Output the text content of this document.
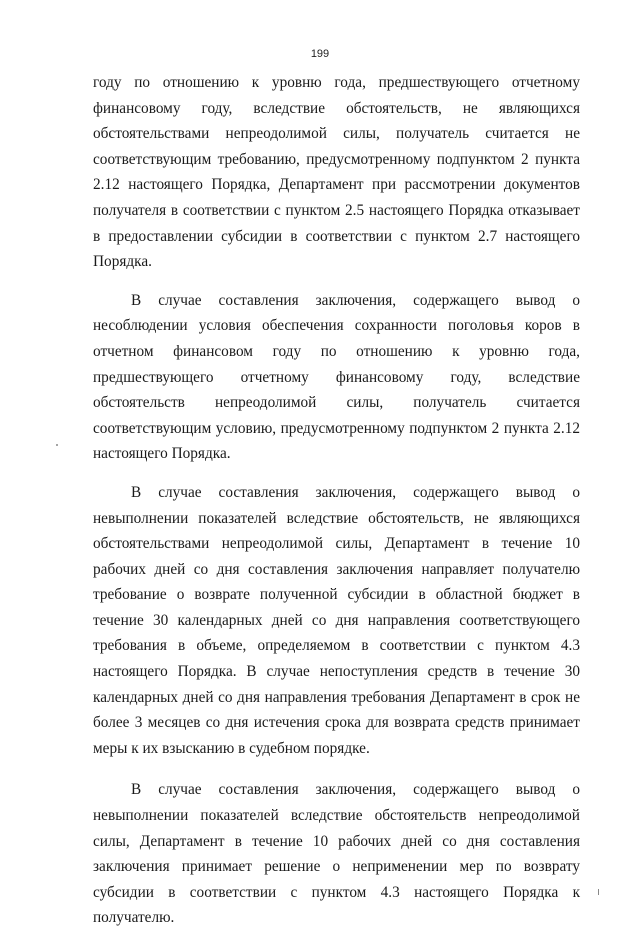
199

году по отношению к уровню года, предшествующего отчетному финансовому году, вследствие обстоятельств, не являющихся обстоятельствами непреодолимой силы, получатель считается не соответствующим требованию, предусмотренному подпунктом 2 пункта 2.12 настоящего Порядка, Департамент при рассмотрении документов получателя в соответствии с пунктом 2.5 настоящего Порядка отказывает в предоставлении субсидии в соответствии с пунктом 2.7 настоящего Порядка.

В случае составления заключения, содержащего вывод о несоблюдении условия обеспечения сохранности поголовья коров в отчетном финансовом году по отношению к уровню года, предшествующего отчетному финансовому году, вследствие обстоятельств непреодолимой силы, получатель считается соответствующим условию, предусмотренному подпунктом 2 пункта 2.12 настоящего Порядка.

В случае составления заключения, содержащего вывод о невыполнении показателей вследствие обстоятельств, не являющихся обстоятельствами непреодолимой силы, Департамент в течение 10 рабочих дней со дня составления заключения направляет получателю требование о возврате полученной субсидии в областной бюджет в течение 30 календарных дней со дня направления соответствующего требования в объеме, определяемом в соответствии с пунктом 4.3 настоящего Порядка. В случае непоступления средств в течение 30 календарных дней со дня направления требования Департамент в срок не более 3 месяцев со дня истечения срока для возврата средств принимает меры к их взысканию в судебном порядке.

В случае составления заключения, содержащего вывод о невыполнении показателей вследствие обстоятельств непреодолимой силы, Департамент в течение 10 рабочих дней со дня составления заключения принимает решение о неприменении мер по возврату субсидии в соответствии с пунктом 4.3 настоящего Порядка к получателю.
